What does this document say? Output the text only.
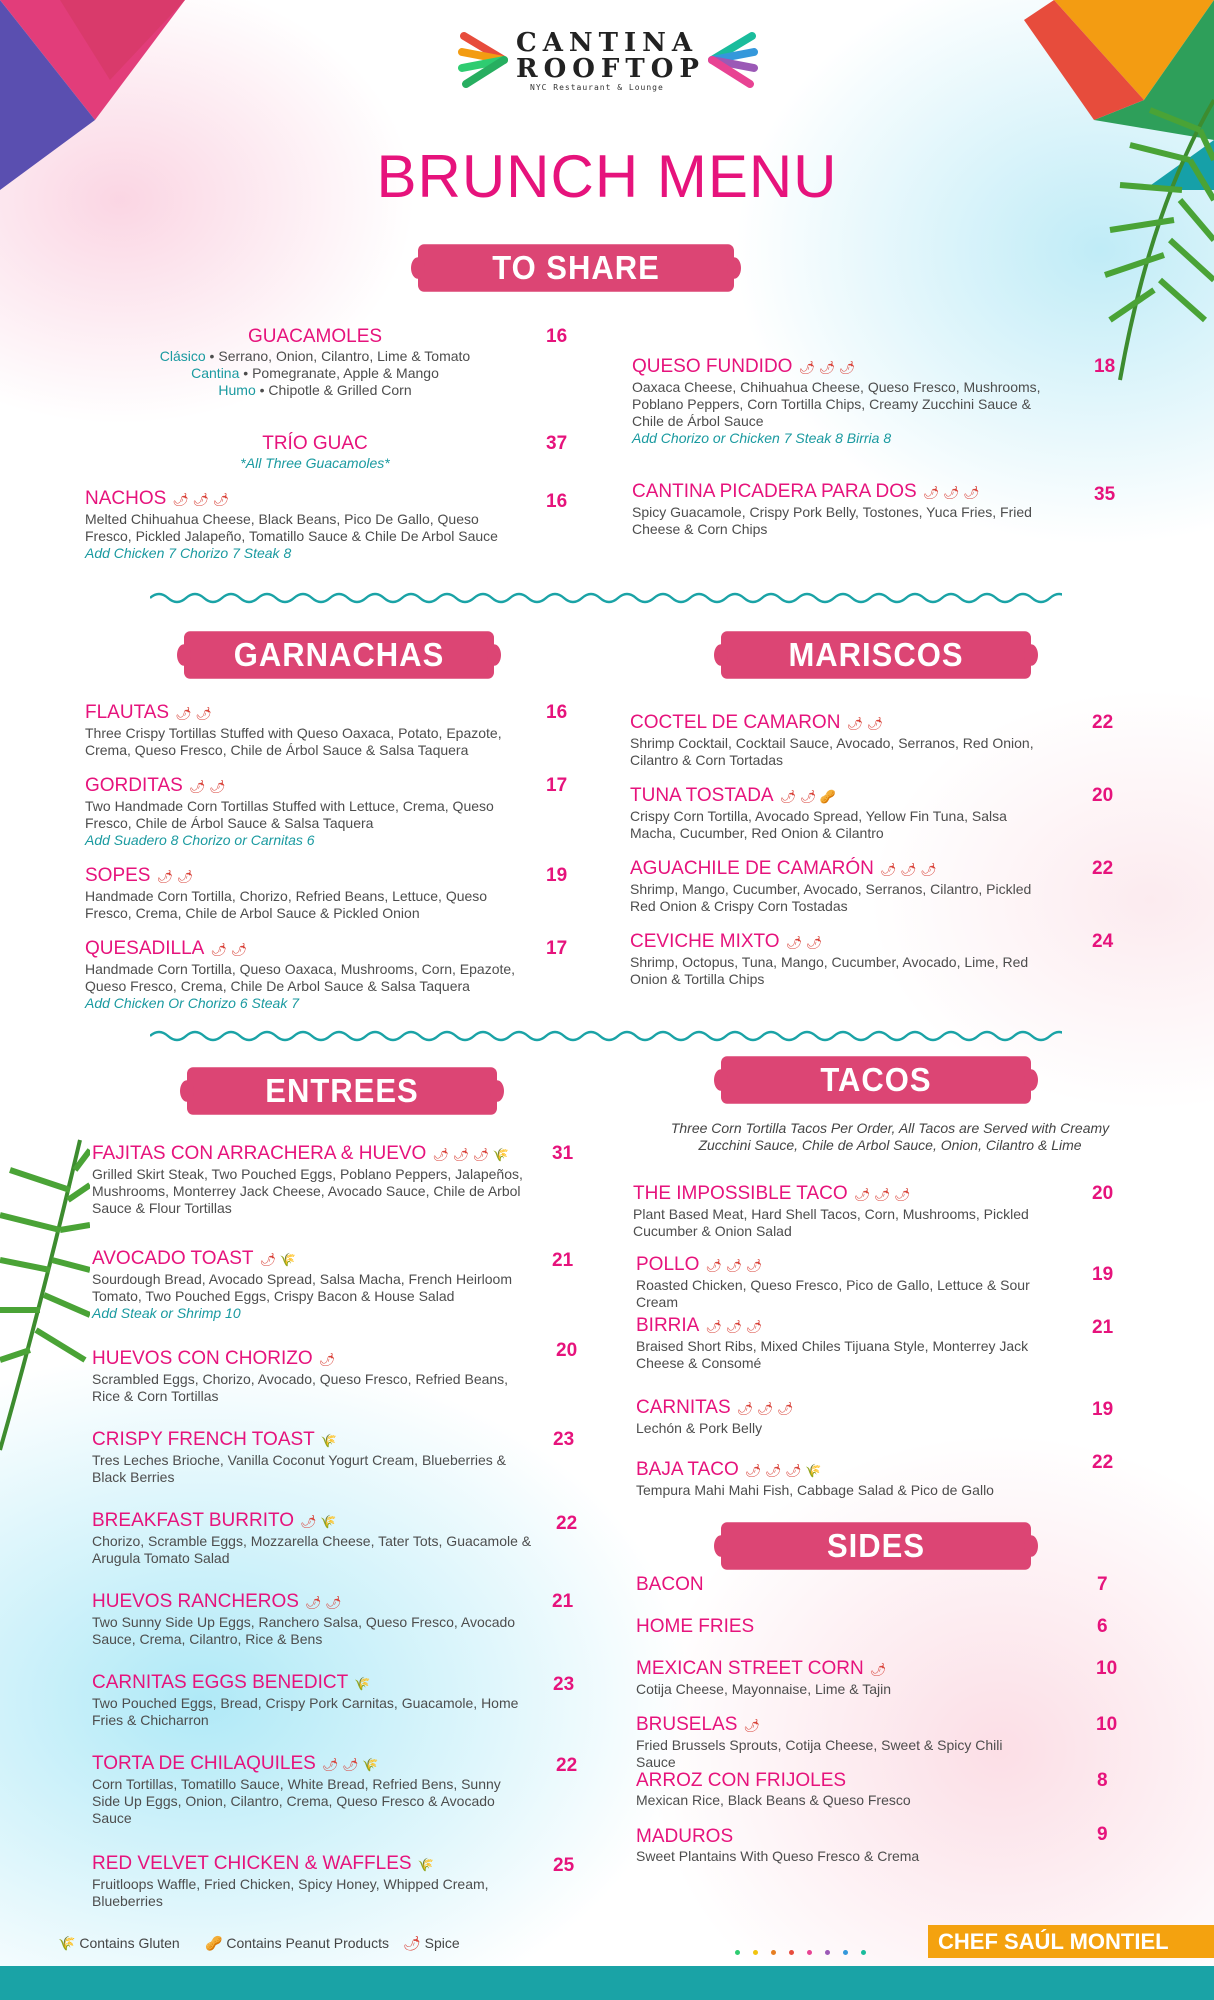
CANTINA
ROOFTOP
NYC Restaurant & Lounge
BRUNCH MENU
TO SHARE
GUACAMOLES
Clásico • Serrano, Onion, Cilantro, Lime & Tomato
Cantina • Pomegranate, Apple & Mango
Humo • Chipotle & Grilled Corn
16
TRÍO GUAC
*All Three Guacamoles*
37
NACHOS 🌶 🌶 🌶
Melted Chihuahua Cheese, Black Beans, Pico De Gallo, Queso Fresco, Pickled Jalapeño, Tomatillo Sauce & Chile De Arbol Sauce
Add Chicken 7 Chorizo 7 Steak 8
16
QUESO FUNDIDO 🌶 🌶 🌶
Oaxaca Cheese, Chihuahua Cheese, Queso Fresco, Mushrooms, Poblano Peppers, Corn Tortilla Chips, Creamy Zucchini Sauce & Chile de Árbol Sauce
Add Chorizo or Chicken 7 Steak 8 Birria 8
18
CANTINA PICADERA PARA DOS 🌶 🌶 🌶
Spicy Guacamole, Crispy Pork Belly, Tostones, Yuca Fries, Fried Cheese & Corn Chips
35
GARNACHAS
FLAUTAS 🌶 🌶
Three Crispy Tortillas Stuffed with Queso Oaxaca, Potato, Epazote, Crema, Queso Fresco, Chile de Árbol Sauce & Salsa Taquera
16
GORDITAS 🌶 🌶
Two Handmade Corn Tortillas Stuffed with Lettuce, Crema, Queso Fresco, Chile de Árbol Sauce & Salsa Taquera
Add Suadero 8 Chorizo or Carnitas 6
17
SOPES 🌶 🌶
Handmade Corn Tortilla, Chorizo, Refried Beans, Lettuce, Queso Fresco, Crema, Chile de Arbol Sauce & Pickled Onion
19
QUESADILLA 🌶 🌶
Handmade Corn Tortilla, Queso Oaxaca, Mushrooms, Corn, Epazote, Queso Fresco, Crema, Chile De Arbol Sauce & Salsa Taquera
Add Chicken Or Chorizo 6 Steak 7
17
MARISCOS
COCTEL DE CAMARON 🌶 🌶
Shrimp Cocktail, Cocktail Sauce, Avocado, Serranos, Red Onion, Cilantro & Corn Tortadas
22
TUNA TOSTADA 🌶 🌶 🥜
Crispy Corn Tortilla, Avocado Spread, Yellow Fin Tuna, Salsa Macha, Cucumber, Red Onion & Cilantro
20
AGUACHILE DE CAMARÓN 🌶 🌶 🌶
Shrimp, Mango, Cucumber, Avocado, Serranos, Cilantro, Pickled Red Onion & Crispy Corn Tostadas
22
CEVICHE MIXTO 🌶 🌶
Shrimp, Octopus, Tuna, Mango, Cucumber, Avocado, Lime, Red Onion & Tortilla Chips
24
ENTREES
FAJITAS CON ARRACHERA & HUEVO 🌶 🌶 🌶 🌾
Grilled Skirt Steak, Two Pouched Eggs, Poblano Peppers, Jalapeños, Mushrooms, Monterrey Jack Cheese, Avocado Sauce, Chile de Arbol Sauce & Flour Tortillas
31
AVOCADO TOAST 🌶 🌾
Sourdough Bread, Avocado Spread, Salsa Macha, French Heirloom Tomato, Two Pouched Eggs, Crispy Bacon & House Salad
Add Steak or Shrimp 10
21
HUEVOS CON CHORIZO 🌶
Scrambled Eggs, Chorizo, Avocado, Queso Fresco, Refried Beans, Rice & Corn Tortillas
20
CRISPY FRENCH TOAST 🌾
Tres Leches Brioche, Vanilla Coconut Yogurt Cream, Blueberries & Black Berries
23
BREAKFAST BURRITO 🌶 🌾
Chorizo, Scramble Eggs, Mozzarella Cheese, Tater Tots, Guacamole & Arugula Tomato Salad
22
HUEVOS RANCHEROS 🌶 🌶
Two Sunny Side Up Eggs, Ranchero Salsa, Queso Fresco, Avocado Sauce, Crema, Cilantro, Rice & Bens
21
CARNITAS EGGS BENEDICT 🌾
Two Pouched Eggs, Bread, Crispy Pork Carnitas, Guacamole, Home Fries & Chicharron
23
TORTA DE CHILAQUILES 🌶 🌶 🌾
Corn Tortillas, Tomatillo Sauce, White Bread, Refried Bens, Sunny Side Up Eggs, Onion, Cilantro, Crema, Queso Fresco & Avocado Sauce
22
RED VELVET CHICKEN & WAFFLES 🌾
Fruitloops Waffle, Fried Chicken, Spicy Honey, Whipped Cream, Blueberries
25
TACOS
Three Corn Tortilla Tacos Per Order, All Tacos are Served with Creamy Zucchini Sauce, Chile de Arbol Sauce, Onion, Cilantro & Lime
THE IMPOSSIBLE TACO 🌶 🌶 🌶
Plant Based Meat, Hard Shell Tacos, Corn, Mushrooms, Pickled Cucumber & Onion Salad
20
POLLO 🌶 🌶 🌶
Roasted Chicken, Queso Fresco, Pico de Gallo, Lettuce & Sour Cream
19
BIRRIA 🌶 🌶 🌶
Braised Short Ribs, Mixed Chiles Tijuana Style, Monterrey Jack Cheese & Consomé
21
CARNITAS 🌶 🌶 🌶
Lechón & Pork Belly
19
BAJA TACO 🌶 🌶 🌶 🌾
Tempura Mahi Mahi Fish, Cabbage Salad & Pico de Gallo
22
SIDES
BACON	7
HOME FRIES	6
MEXICAN STREET CORN 🌶
Cotija Cheese, Mayonnaise, Lime & Tajin
10
BRUSELAS 🌶
Fried Brussels Sprouts, Cotija Cheese, Sweet & Spicy Chili Sauce
10
ARROZ CON FRIJOLES
Mexican Rice, Black Beans & Queso Fresco
8
MADUROS
Sweet Plantains With Queso Fresco & Crema
9
🌾 Contains Gluten 🥜 Contains Peanut Products 🌶 Spice	CHEF SAÚL MONTIEL
